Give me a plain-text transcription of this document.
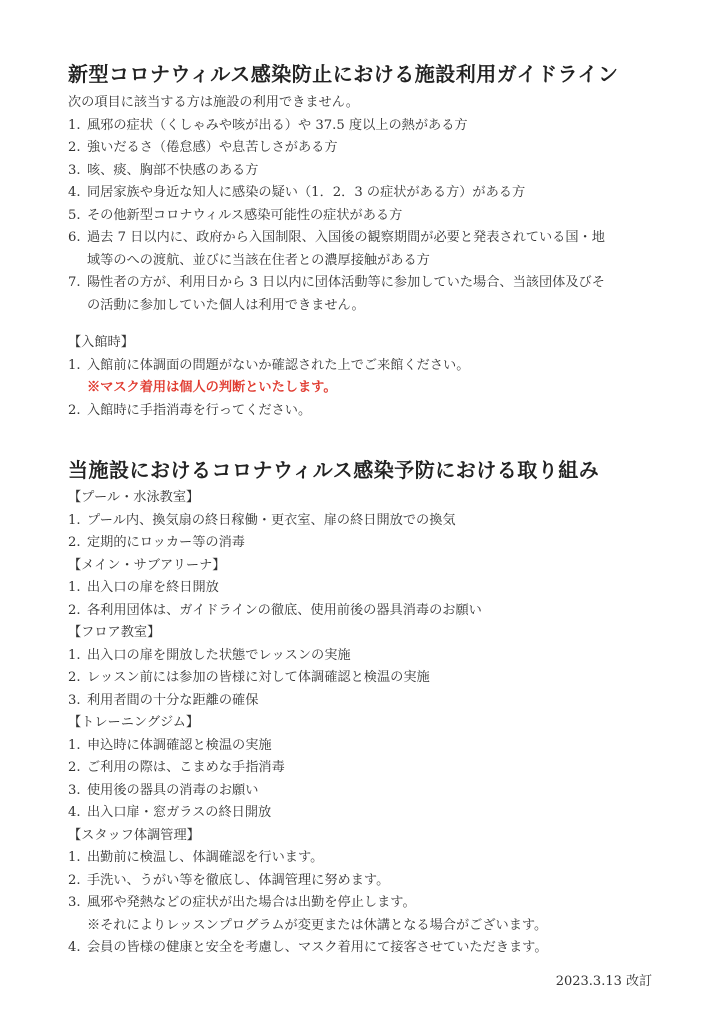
新型コロナウィルス感染防止における施設利用ガイドライン
次の項目に該当する方は施設の利用できません。
1. 風邪の症状（くしゃみや咳が出る）や 37.5 度以上の熱がある方
2. 強いだるさ（倦怠感）や息苦しさがある方
3. 咳、痰、胸部不快感のある方
4. 同居家族や身近な知人に感染の疑い（1．2．3 の症状がある方）がある方
5. その他新型コロナウィルス感染可能性の症状がある方
6. 過去 7 日以内に、政府から入国制限、入国後の観察期間が必要と発表されている国・地
域等のへの渡航、並びに当該在住者との濃厚接触がある方
7. 陽性者の方が、利用日から 3 日以内に団体活動等に参加していた場合、当該団体及びそ
の活動に参加していた個人は利用できません。
【入館時】
1. 入館前に体調面の問題がないか確認された上でご来館ください。
※マスク着用は個人の判断といたします。
2. 入館時に手指消毒を行ってください。
当施設におけるコロナウィルス感染予防における取り組み
【プール・水泳教室】
1. プール内、換気扇の終日稼働・更衣室、扉の終日開放での換気
2. 定期的にロッカー等の消毒
【メイン・サブアリーナ】
1. 出入口の扉を終日開放
2. 各利用団体は、ガイドラインの徹底、使用前後の器具消毒のお願い
【フロア教室】
1. 出入口の扉を開放した状態でレッスンの実施
2. レッスン前には参加の皆様に対して体調確認と検温の実施
3. 利用者間の十分な距離の確保
【トレーニングジム】
1. 申込時に体調確認と検温の実施
2. ご利用の際は、こまめな手指消毒
3. 使用後の器具の消毒のお願い
4. 出入口扉・窓ガラスの終日開放
【スタッフ体調管理】
1. 出勤前に検温し、体調確認を行います。
2. 手洗い、うがい等を徹底し、体調管理に努めます。
3. 風邪や発熱などの症状が出た場合は出勤を停止します。
※それによりレッスンプログラムが変更または休講となる場合がございます。
4. 会員の皆様の健康と安全を考慮し、マスク着用にて接客させていただきます。
2023.3.13 改訂
